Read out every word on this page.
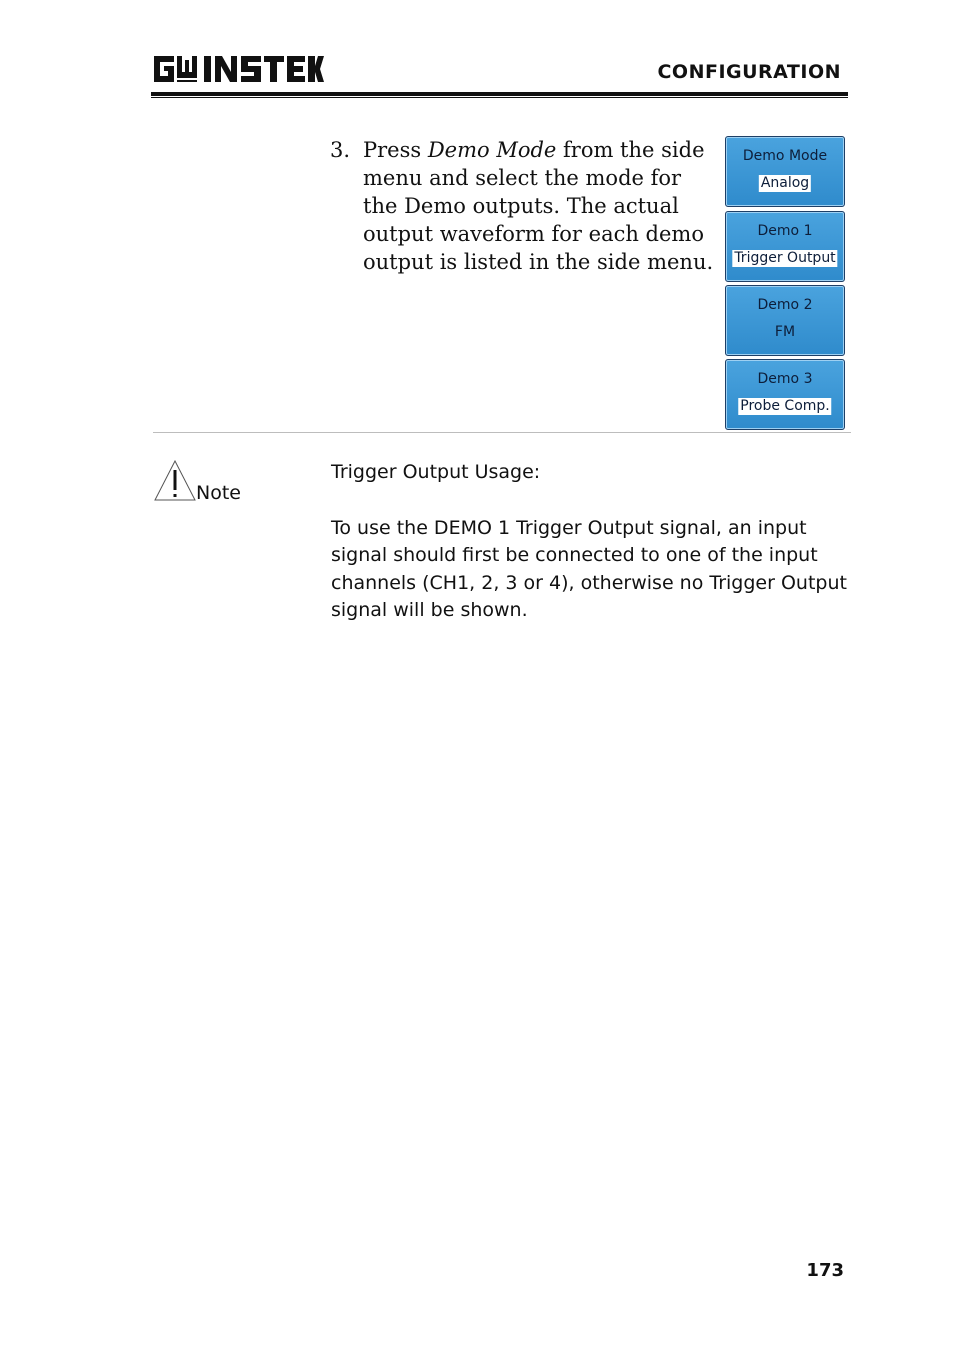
CONFIGURATION
3. Press Demo Mode from the side menu and select the mode for the Demo outputs. The actual output waveform for each demo output is listed in the side menu.
Demo Mode
Analog
Demo 1
Trigger Output
Demo 2
FM
Demo 3
Probe Comp.
Note
Trigger Output Usage:
To use the DEMO 1 Trigger Output signal, an input signal should first be connected to one of the input channels (CH1, 2, 3 or 4), otherwise no Trigger Output signal will be shown.
173
